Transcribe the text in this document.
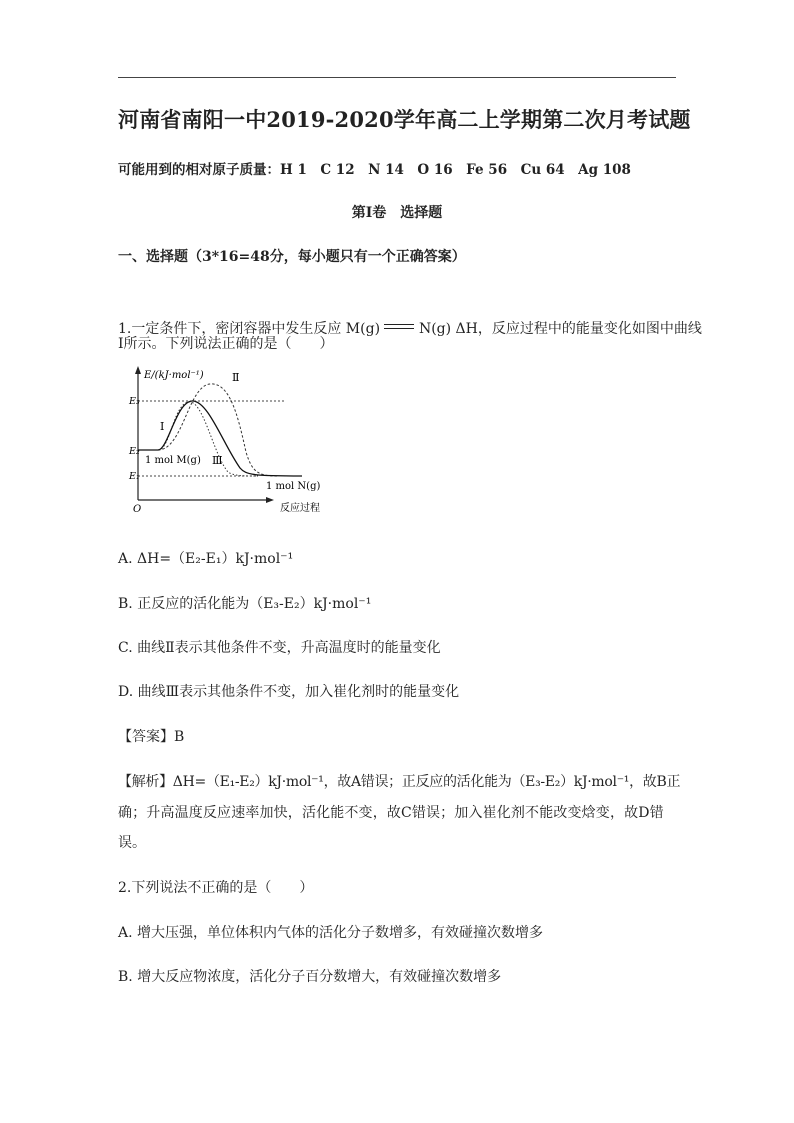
河南省南阳一中2019-2020学年高二上学期第二次月考试题
可能用到的相对原子质量：H 1   C 12   N 14   O 16   Fe 56   Cu 64   Ag 108
第I卷　选择题
一、选择题（3*16=48分，每小题只有一个正确答案）
1.一定条件下，密闭容器中发生反应 M(g)	N(g) ΔH，反应过程中的能量变化如图中曲线
I所示。下列说法正确的是（　　）
E/(kJ·mol⁻¹)
E₃
E₂
E₁
O
Ⅱ
Ⅰ
Ⅲ
1 mol M(g)
1 mol N(g)
反应过程
A. ΔH=（E₂-E₁）kJ·mol⁻¹
B. 正反应的活化能为（E₃-E₂）kJ·mol⁻¹
C. 曲线Ⅱ表示其他条件不变，升高温度时的能量变化
D. 曲线Ⅲ表示其他条件不变，加入崔化剂时的能量变化
【答案】B
【解析】ΔH=（E₁-E₂）kJ·mol⁻¹，故A错误；正反应的活化能为（E₃-E₂）kJ·mol⁻¹，故B正
确；升高温度反应速率加快，活化能不变，故C错误；加入崔化剂不能改变焓变，故D错
误。
2.下列说法不正确的是（　　）
A. 增大压强，单位体积内气体的活化分子数增多，有效碰撞次数增多
B. 增大反应物浓度，活化分子百分数增大，有效碰撞次数增多
